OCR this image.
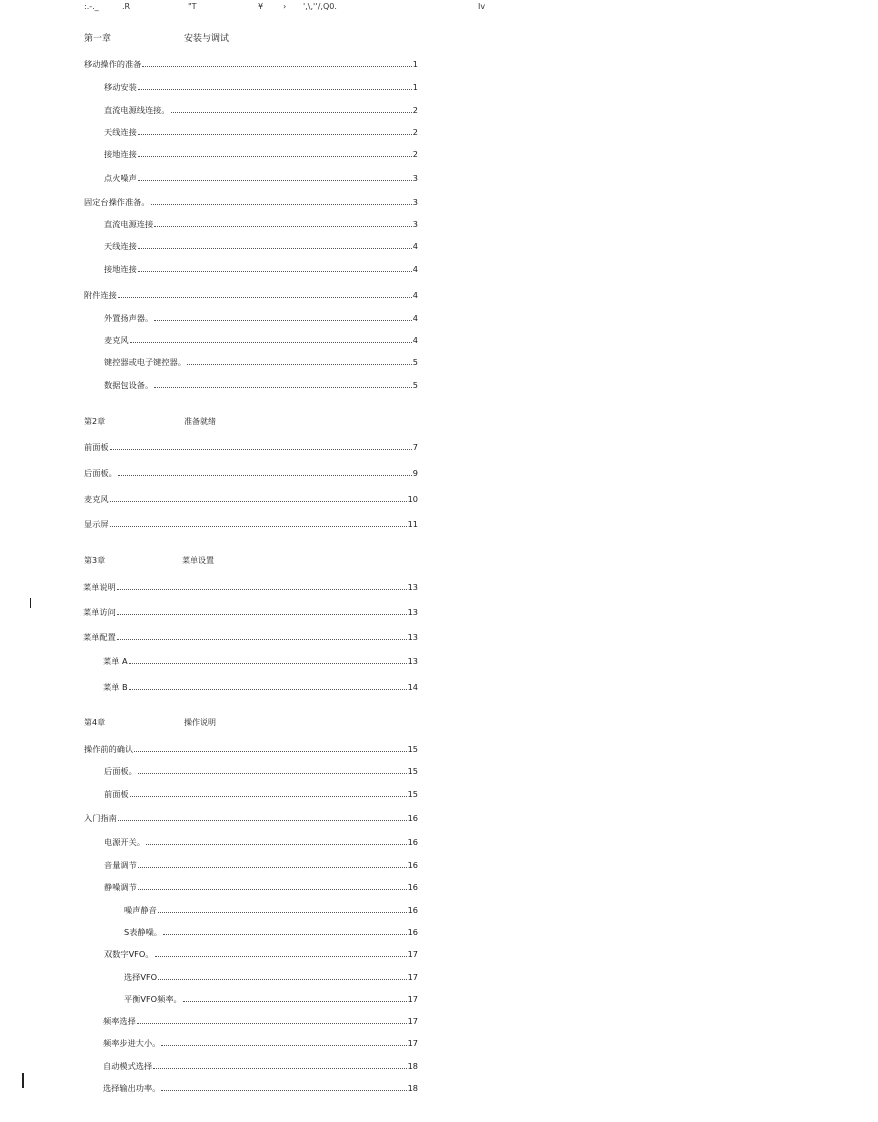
:.-._	.R	"T	¥ › ',\,'ʼ/,Q0.	Iv
第一章	安装与调试
移动操作的准备	1
移动安装	1
直流电源线连接。	2
天线连接	2
接地连接	2
点火噪声	3
固定台操作准备。	3
直流电源连接	3
天线连接	4
接地连接	4
附件连接	4
外置扬声器。	4
麦克风	4
键控器或电子键控器。	5
数据包设备。	5
第2章	准备就绪
前面板	7
后面板。	9
麦克风	10
显示屏	11
第3章	菜单设置
菜单说明	13
菜单访问	13
菜单配置	13
菜单 A	13
菜单 B	14
第4章	操作说明
操作前的确认	15
后面板。	15
前面板	15
入门指南	16
电源开关。	16
音量调节	16
静噪调节	16
噪声静音	16
S表静噪。	16
双数字VFO。	17
选择VFO	17
平衡VFO频率。	17
频率选择	17
频率步进大小。	17
自动模式选择	18
选择输出功率。	18
